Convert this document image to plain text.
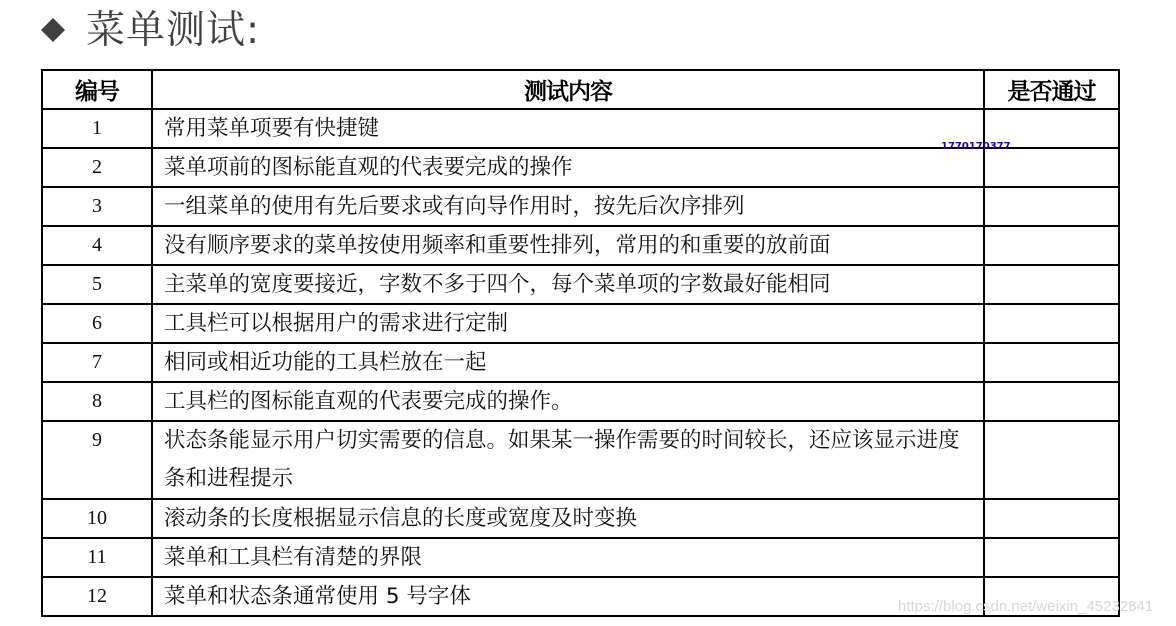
菜单测试:
编号	测试内容	是否通过
1	常用菜单项要有快捷键	
2	菜单项前的图标能直观的代表要完成的操作	
3	一组菜单的使用有先后要求或有向导作用时，按先后次序排列	
4	没有顺序要求的菜单按使用频率和重要性排列，常用的和重要的放前面	
5	主菜单的宽度要接近，字数不多于四个，每个菜单项的字数最好能相同	
6	工具栏可以根据用户的需求进行定制	
7	相同或相近功能的工具栏放在一起	
8	工具栏的图标能直观的代表要完成的操作。	
9	状态条能显示用户切实需要的信息。如果某一操作需要的时间较长，还应该显示进度条和进程提示	
10	滚动条的长度根据显示信息的长度或宽度及时变换	
11	菜单和工具栏有清楚的界限	
12	菜单和状态条通常使用 5 号字体	
1770170377
https://blog.csdn.net/weixin_45232841
